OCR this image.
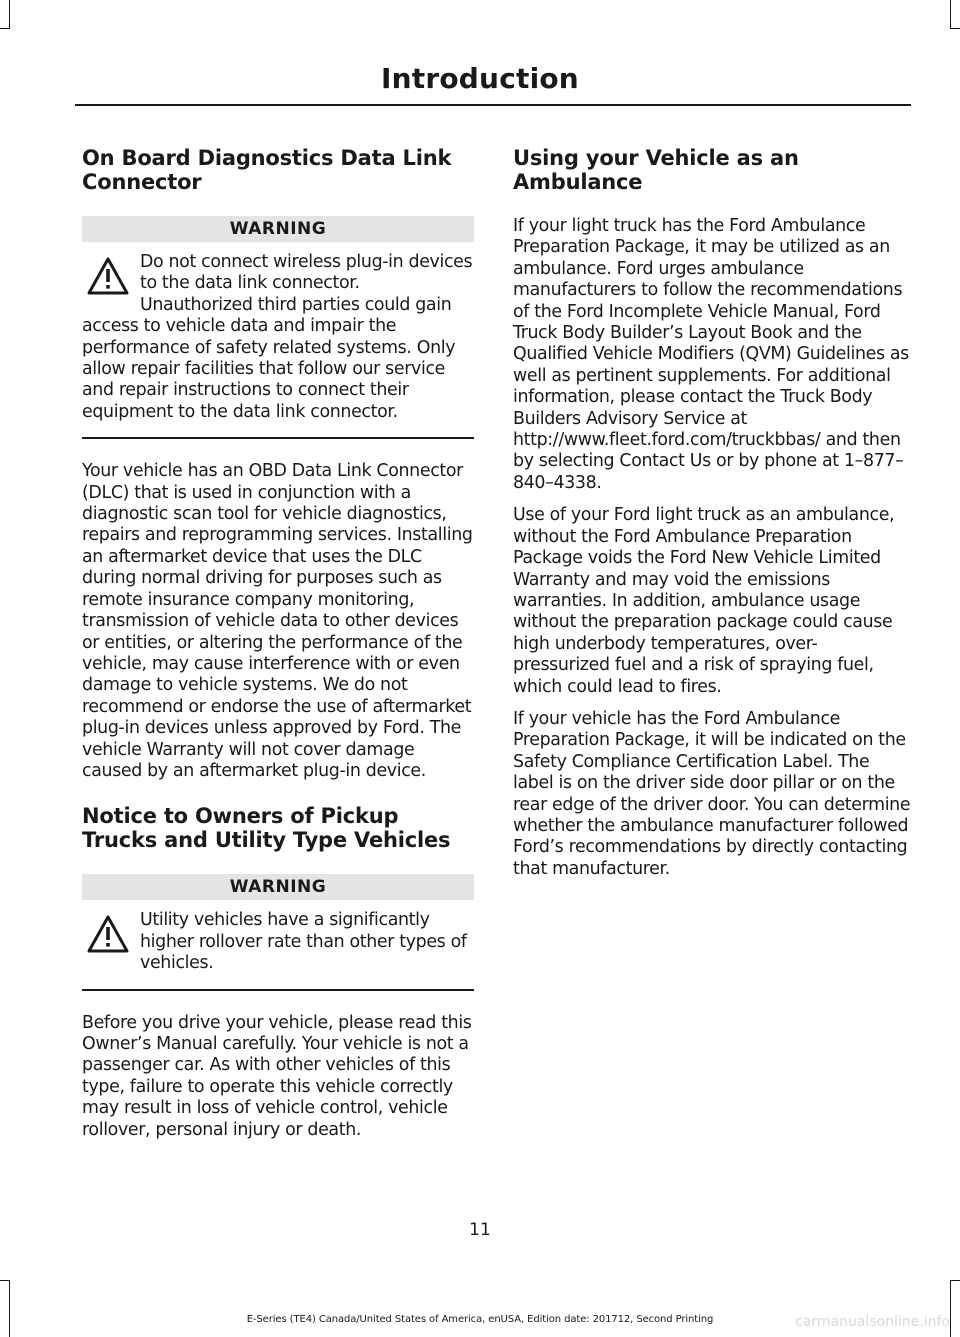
Introduction
On Board Diagnostics Data Link Connector
WARNING
Do not connect wireless plug-in devices to the data link connector. Unauthorized third parties could gain access to vehicle data and impair the performance of safety related systems. Only allow repair facilities that follow our service and repair instructions to connect their equipment to the data link connector.

Your vehicle has an OBD Data Link Connector (DLC) that is used in conjunction with a diagnostic scan tool for vehicle diagnostics, repairs and reprogramming services. Installing an aftermarket device that uses the DLC during normal driving for purposes such as remote insurance company monitoring, transmission of vehicle data to other devices or entities, or altering the performance of the vehicle, may cause interference with or even damage to vehicle systems. We do not recommend or endorse the use of aftermarket plug-in devices unless approved by Ford. The vehicle Warranty will not cover damage caused by an aftermarket plug-in device.

Notice to Owners of Pickup Trucks and Utility Type Vehicles
WARNING
Utility vehicles have a significantly higher rollover rate than other types of vehicles.

Before you drive your vehicle, please read this Owner’s Manual carefully. Your vehicle is not a passenger car. As with other vehicles of this type, failure to operate this vehicle correctly may result in loss of vehicle control, vehicle rollover, personal injury or death.

Using your Vehicle as an Ambulance

If your light truck has the Ford Ambulance Preparation Package, it may be utilized as an ambulance. Ford urges ambulance manufacturers to follow the recommendations of the Ford Incomplete Vehicle Manual, Ford Truck Body Builder’s Layout Book and the Qualified Vehicle Modifiers (QVM) Guidelines as well as pertinent supplements. For additional information, please contact the Truck Body Builders Advisory Service at http://www.fleet.ford.com/truckbbas/ and then by selecting Contact Us or by phone at 1–877–840–4338.

Use of your Ford light truck as an ambulance, without the Ford Ambulance Preparation Package voids the Ford New Vehicle Limited Warranty and may void the emissions warranties. In addition, ambulance usage without the preparation package could cause high underbody temperatures, over-pressurized fuel and a risk of spraying fuel, which could lead to fires.

If your vehicle has the Ford Ambulance Preparation Package, it will be indicated on the Safety Compliance Certification Label. The label is on the driver side door pillar or on the rear edge of the driver door. You can determine whether the ambulance manufacturer followed Ford’s recommendations by directly contacting that manufacturer.

11
E-Series (TE4) Canada/United States of America, enUSA, Edition date: 201712, Second Printing	carmanualsonline.info
